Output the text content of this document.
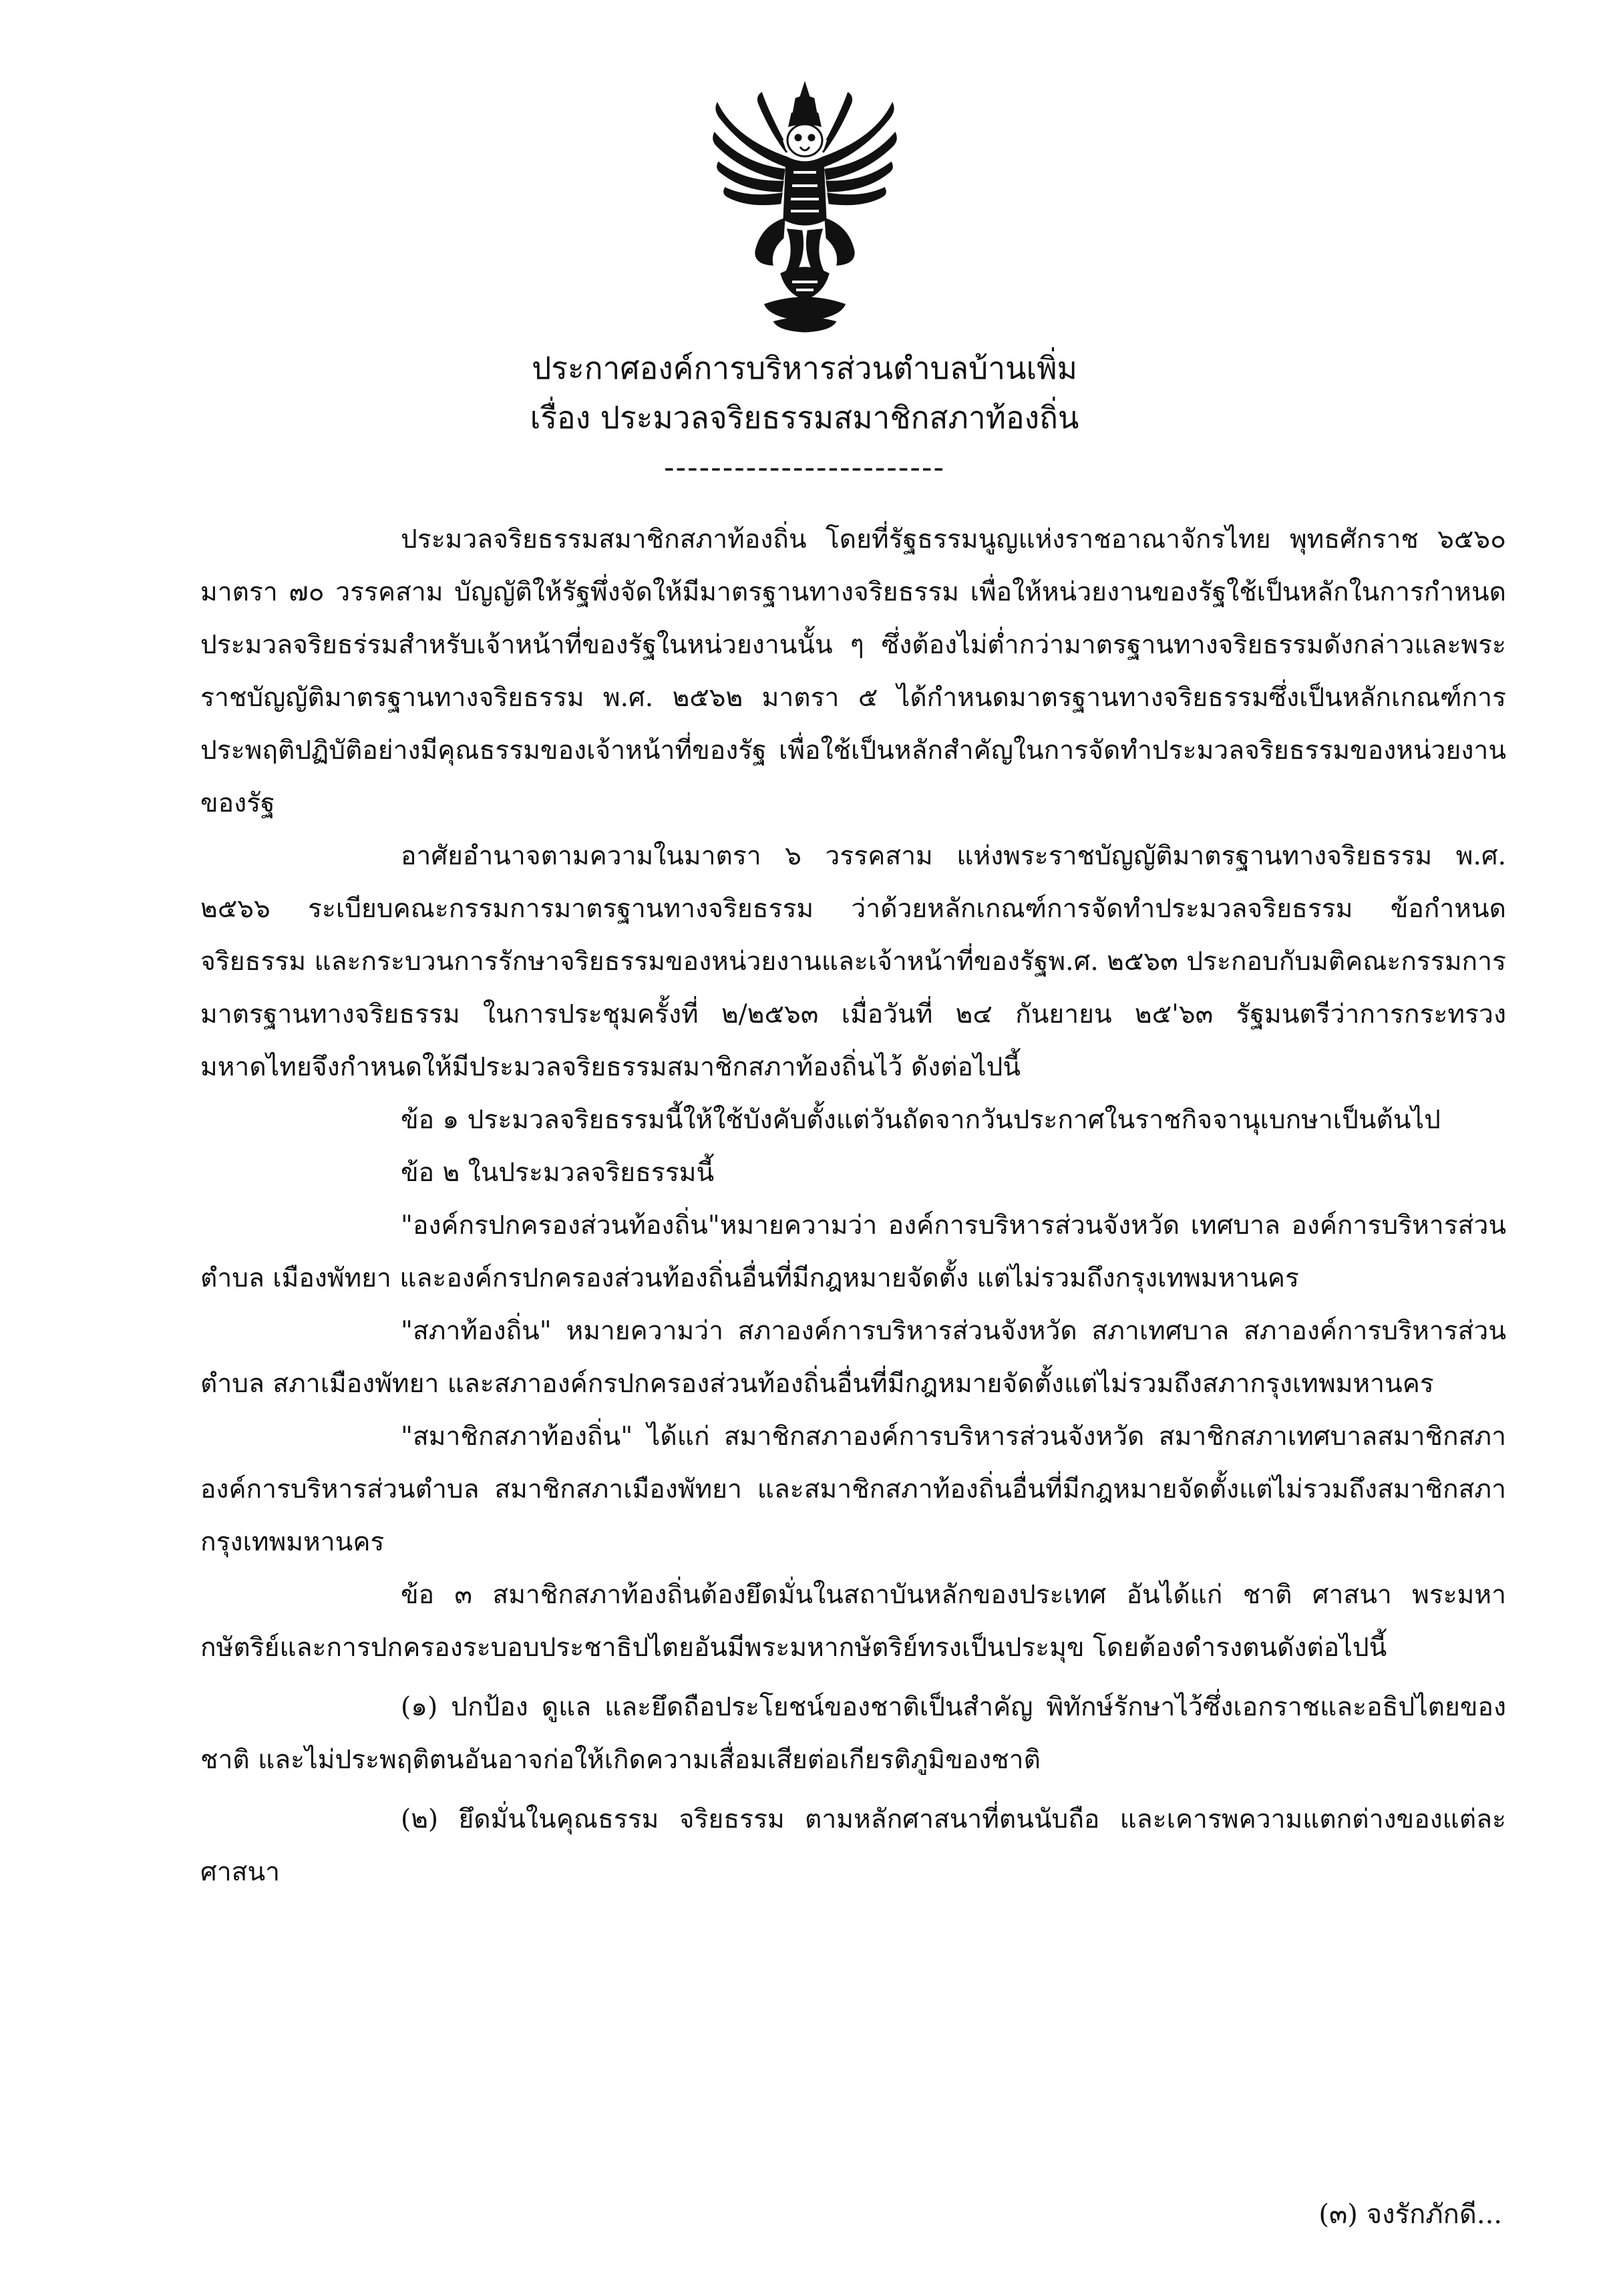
ประกาศองค์การบริหารส่วนตำบลบ้านเพิ่ม
เรื่อง ประมวลจริยธรรมสมาชิกสภาท้องถิ่น
------------------------

ประมวลจริยธรรมสมาชิกสภาท้องถิ่น โดยที่รัฐธรรมนูญแห่งราชอาณาจักรไทย พุทธศักราช ๖๕๖๐ มาตรา ๗๐ วรรคสาม บัญญัติให้รัฐพึ่งจัดให้มีมาตรฐานทางจริยธรรม เพื่อให้หน่วยงานของรัฐใช้เป็นหลักในการกำหนดประมวลจริยธร่รมสำหรับเจ้าหน้าที่ของรัฐในหน่วยงานนั้น ๆ ซึ่งต้องไม่ต่ำกว่ามาตรฐานทางจริยธรรมดังกล่าวและพระราชบัญญัติมาตรฐานทางจริยธรรม พ.ศ. ๒๕๖๒ มาตรา ๕ ได้กำหนดมาตรฐานทางจริยธรรมซึ่งเป็นหลักเกณฑ์การประพฤติปฏิบัติอย่างมีคุณธรรมของเจ้าหน้าที่ของรัฐ เพื่อใช้เป็นหลักสำคัญในการจัดทำประมวลจริยธรรมของหน่วยงานของรัฐ

อาศัยอำนาจตามความในมาตรา ๖ วรรคสาม แห่งพระราชบัญญัติมาตรฐานทางจริยธรรม พ.ศ. ๒๕๖๖ ระเบียบคณะกรรมการมาตรฐานทางจริยธรรม ว่าด้วยหลักเกณฑ์การจัดทำประมวลจริยธรรม ข้อกำหนดจริยธรรม และกระบวนการรักษาจริยธรรมของหน่วยงานและเจ้าหน้าที่ของรัฐพ.ศ. ๒๕๖๓ ประกอบกับมติคณะกรรมการมาตรฐานทางจริยธรรม ในการประชุมครั้งที่ ๒/๒๕๖๓ เมื่อวันที่ ๒๔ กันยายน ๒๕'๖๓ รัฐมนตรีว่าการกระทรวงมหาดไทยจึงกำหนดให้มีประมวลจริยธรรมสมาชิกสภาท้องถิ่นไว้ ดังต่อไปนี้

ข้อ ๑ ประมวลจริยธรรมนี้ให้ใช้บังคับตั้งแต่วันถัดจากวันประกาศในราชกิจจานุเบกษาเป็นต้นไป

ข้อ ๒ ในประมวลจริยธรรมนี้

"องค์กรปกครองส่วนท้องถิ่น"หมายความว่า องค์การบริหารส่วนจังหวัด เทศบาล องค์การบริหารส่วนตำบล เมืองพัทยา และองค์กรปกครองส่วนท้องถิ่นอื่นที่มีกฎหมายจัดตั้ง แต่ไม่รวมถึงกรุงเทพมหานคร

"สภาท้องถิ่น" หมายความว่า สภาองค์การบริหารส่วนจังหวัด สภาเทศบาล สภาองค์การบริหารส่วนตำบล สภาเมืองพัทยา และสภาองค์กรปกครองส่วนท้องถิ่นอื่นที่มีกฎหมายจัดตั้งแต่ไม่รวมถึงสภากรุงเทพมหานคร

"สมาชิกสภาท้องถิ่น" ได้แก่ สมาชิกสภาองค์การบริหารส่วนจังหวัด สมาชิกสภาเทศบาลสมาชิกสภาองค์การบริหารส่วนตำบล สมาชิกสภาเมืองพัทยา และสมาชิกสภาท้องถิ่นอื่นที่มีกฎหมายจัดตั้งแต่ไม่รวมถึงสมาชิกสภากรุงเทพมหานคร

ข้อ ๓ สมาชิกสภาท้องถิ่นต้องยึดมั่นในสถาบันหลักของประเทศ อันได้แก่ ชาติ ศาสนา พระมหากษัตริย์และการปกครองระบอบประชาธิปไตยอันมีพระมหากษัตริย์ทรงเป็นประมุข โดยต้องดำรงตนดังต่อไปนี้

(๑) ปกป้อง ดูแล และยึดถือประโยชน์ของชาติเป็นสำคัญ พิทักษ์รักษาไว้ซึ่งเอกราชและอธิปไตยของชาติ และไม่ประพฤติตนอันอาจก่อให้เกิดความเสื่อมเสียต่อเกียรติภูมิของชาติ

(๒) ยึดมั่นในคุณธรรม จริยธรรม ตามหลักศาสนาที่ตนนับถือ และเคารพความแตกต่างของแต่ละศาสนา

(๓) จงรักภักดี...
